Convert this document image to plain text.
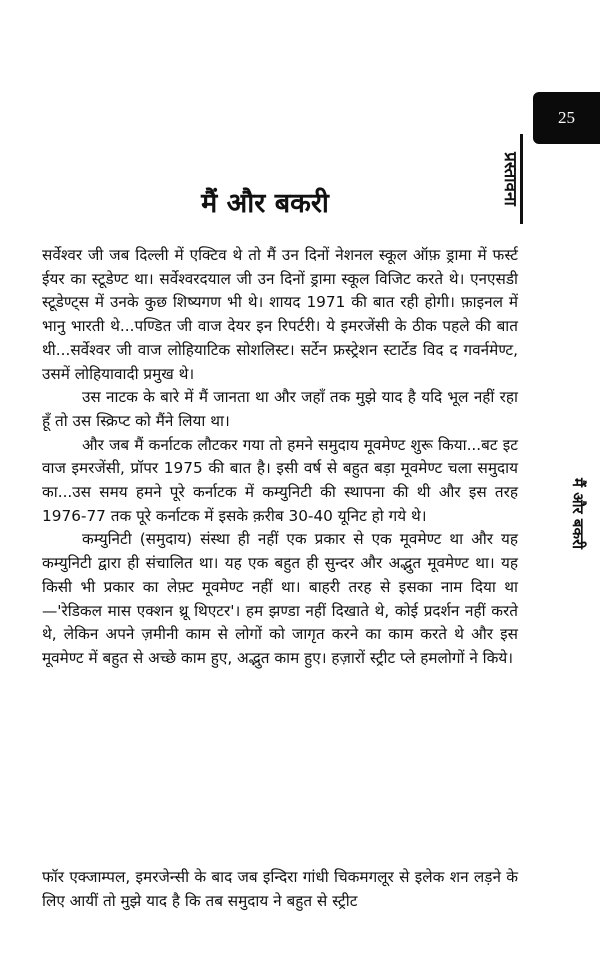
25
प्रस्तावना
मैं और बकरी
मैं और बकरी

सर्वेश्वर जी जब दिल्ली में एक्टिव थे तो मैं उन दिनों नेशनल स्कूल ऑफ़ ड्रामा में फर्स्ट ईयर का स्टूडेण्ट था। सर्वेश्वरदयाल जी उन दिनों ड्रामा स्कूल विजिट करते थे। एनएसडी स्टूडेण्ट्स में उनके कुछ शिष्यगण भी थे। शायद 1971 की बात रही होगी। फ़ाइनल में भानु भारती थे...पण्डित जी वाज देयर इन रिपर्टरी। ये इमरजेंसी के ठीक पहले की बात थी...सर्वेश्वर जी वाज लोहियाटिक सोशलिस्ट। सर्टेन फ्रस्ट्रेशन स्टार्टेड विद द गवर्नमेण्ट, उसमें लोहियावादी प्रमुख थे।

उस नाटक के बारे में मैं जानता था और जहाँ तक मुझे याद है यदि भूल नहीं रहा हूँ तो उस स्क्रिप्ट को मैंने लिया था।

और जब मैं कर्नाटक लौटकर गया तो हमने समुदाय मूवमेण्ट शुरू किया...बट इट वाज इमरजेंसी, प्रॉपर 1975 की बात है। इसी वर्ष से बहुत बड़ा मूवमेण्ट चला समुदाय का...उस समय हमने पूरे कर्नाटक में कम्युनिटी की स्थापना की थी और इस तरह 1976-77 तक पूरे कर्नाटक में इसके क़रीब 30-40 यूनिट हो गये थे।

कम्युनिटी (समुदाय) संस्था ही नहीं एक प्रकार से एक मूवमेण्ट था और यह कम्युनिटी द्वारा ही संचालित था। यह एक बहुत ही सुन्दर और अद्भुत मूवमेण्ट था। यह किसी भी प्रकार का लेफ़्ट मूवमेण्ट नहीं था। बाहरी तरह से इसका नाम दिया था—'रेडिकल मास एक्शन थ्रू थिएटर'। हम झण्डा नहीं दिखाते थे, कोई प्रदर्शन नहीं करते थे, लेकिन अपने ज़मीनी काम से लोगों को जागृत करने का काम करते थे और इस मूवमेण्ट में बहुत से अच्छे काम हुए, अद्भुत काम हुए। हज़ारों स्ट्रीट प्ले हमलोगों ने किये।

फॉर एक्जाम्पल, इमरजेन्सी के बाद जब इन्दिरा गांधी चिकमगलूर से इलेक शन लड़ने के लिए आयीं तो मुझे याद है कि तब समुदाय ने बहुत से स्ट्रीट
